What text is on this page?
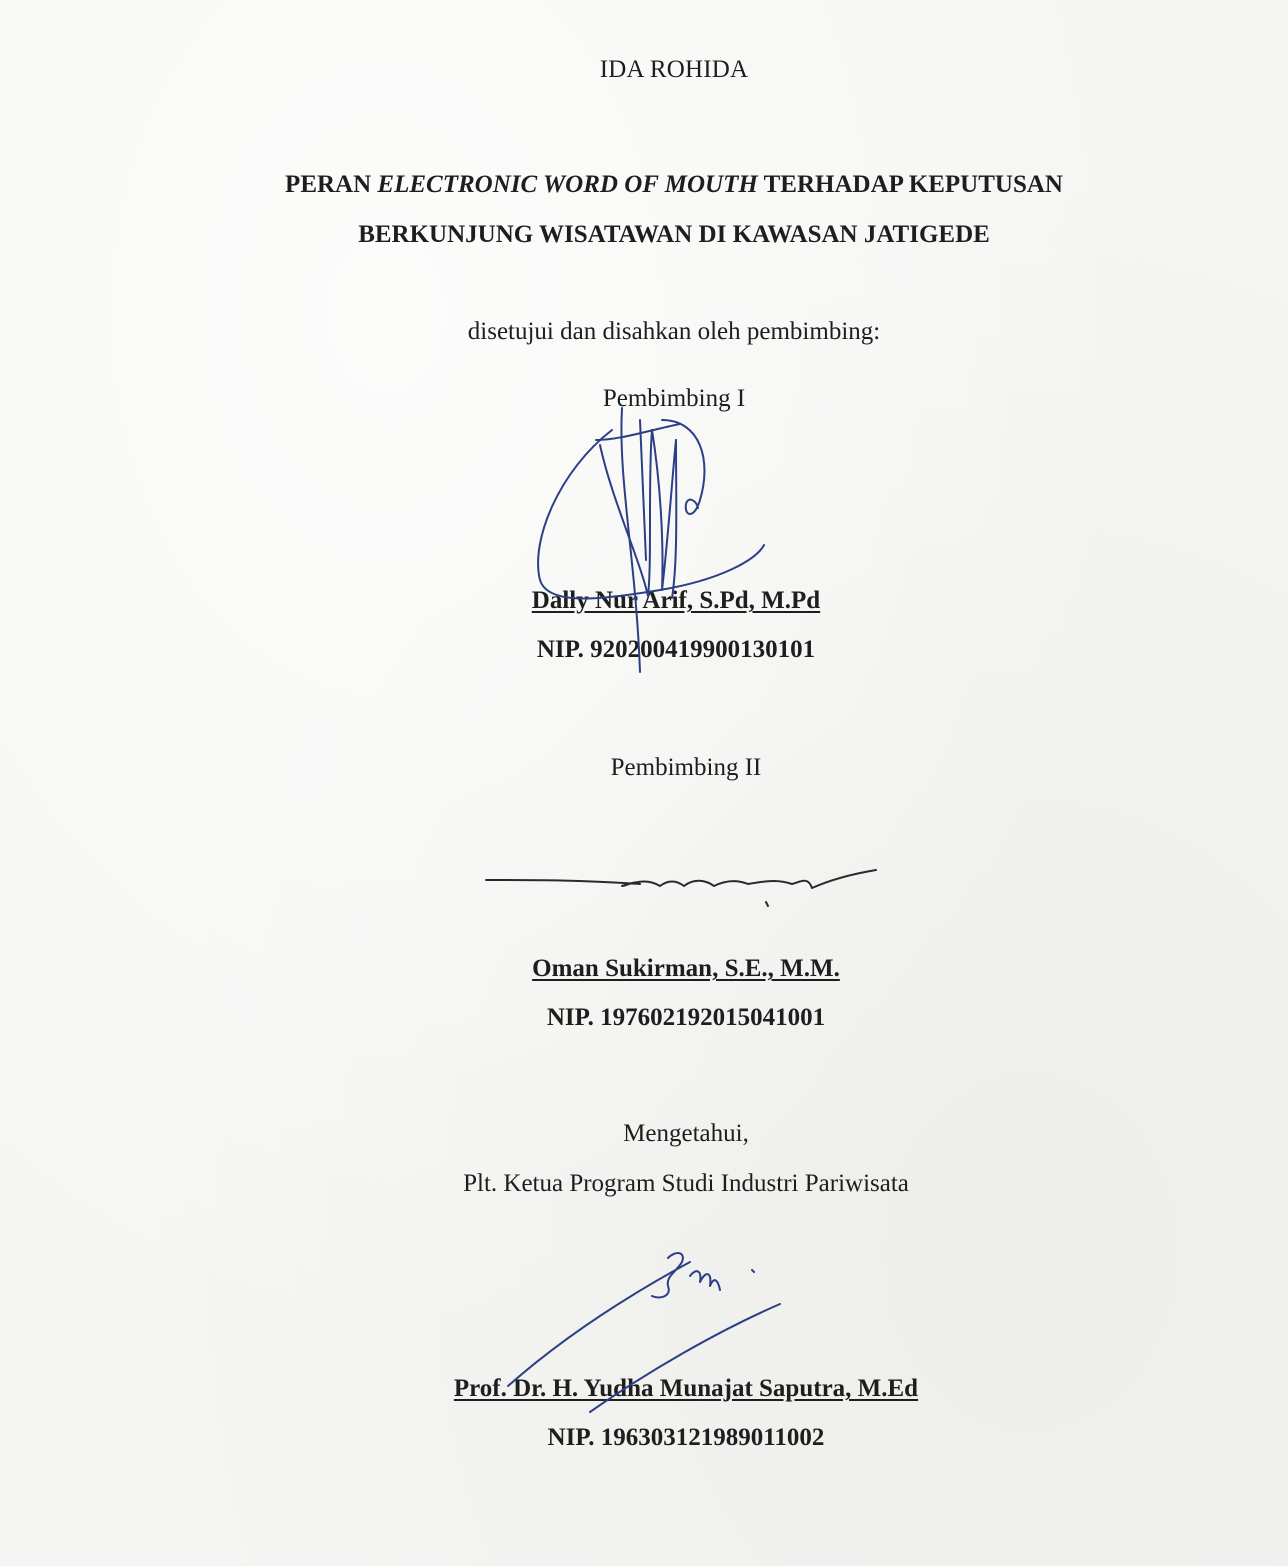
IDA ROHIDA
PERAN ELECTRONIC WORD OF MOUTH TERHADAP KEPUTUSAN
BERKUNJUNG WISATAWAN DI KAWASAN JATIGEDE
disetujui dan disahkan oleh pembimbing:
Pembimbing I
Dally Nur Arif, S.Pd, M.Pd
NIP. 920200419900130101
Pembimbing II
Oman Sukirman, S.E., M.M.
NIP. 197602192015041001
Mengetahui,
Plt. Ketua Program Studi Industri Pariwisata
Prof. Dr. H. Yudha Munajat Saputra, M.Ed
NIP. 196303121989011002
